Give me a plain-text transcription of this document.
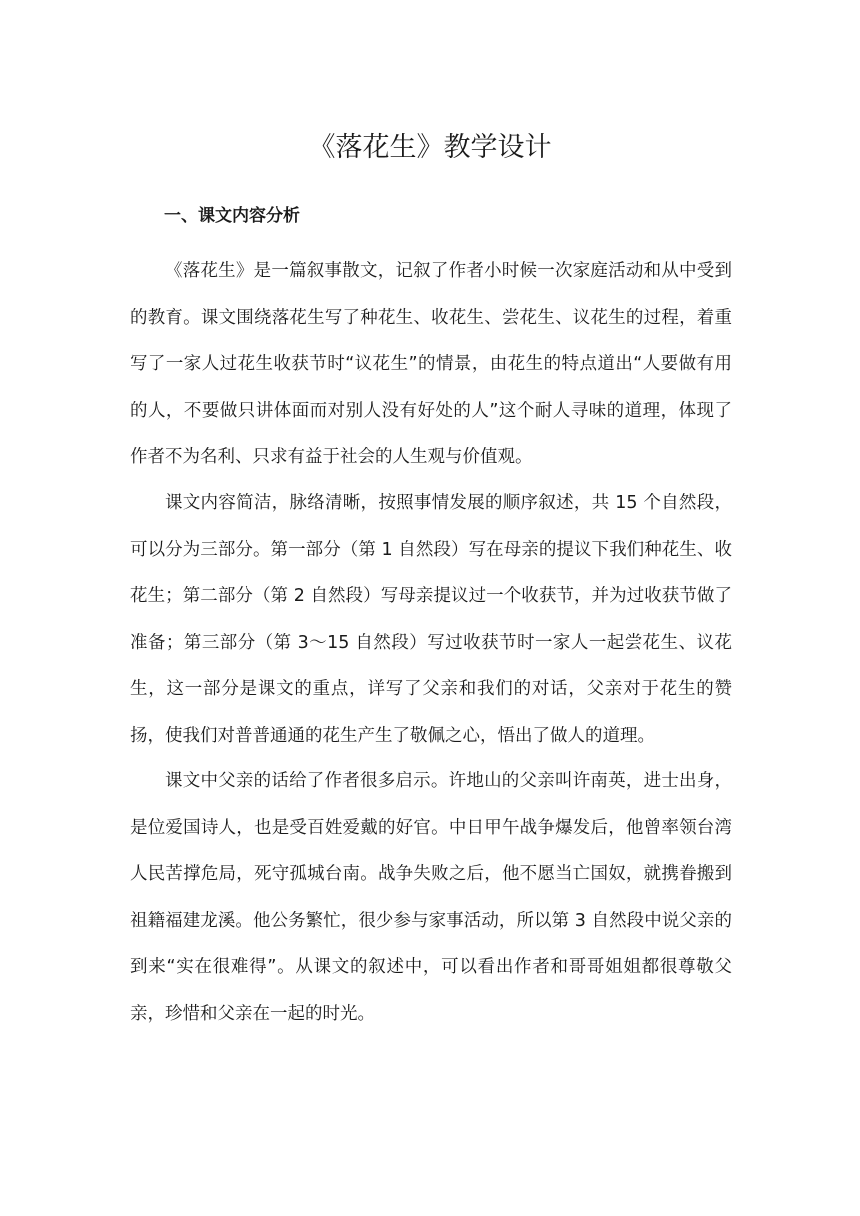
《落花生》教学设计
一、课文内容分析

《落花生》是一篇叙事散文，记叙了作者小时候一次家庭活动和从中受到的教育。课文围绕落花生写了种花生、收花生、尝花生、议花生的过程，着重写了一家人过花生收获节时“议花生”的情景，由花生的特点道出“人要做有用的人，不要做只讲体面而对别人没有好处的人”这个耐人寻味的道理，体现了作者不为名利、只求有益于社会的人生观与价值观。

课文内容简洁，脉络清晰，按照事情发展的顺序叙述，共 15 个自然段，可以分为三部分。第一部分（第 1 自然段）写在母亲的提议下我们种花生、收花生；第二部分（第 2 自然段）写母亲提议过一个收获节，并为过收获节做了准备；第三部分（第 3～15 自然段）写过收获节时一家人一起尝花生、议花生，这一部分是课文的重点，详写了父亲和我们的对话，父亲对于花生的赞扬，使我们对普普通通的花生产生了敬佩之心，悟出了做人的道理。

课文中父亲的话给了作者很多启示。许地山的父亲叫许南英，进士出身，是位爱国诗人，也是受百姓爱戴的好官。中日甲午战争爆发后，他曾率领台湾人民苦撑危局，死守孤城台南。战争失败之后，他不愿当亡国奴，就携眷搬到祖籍福建龙溪。他公务繁忙，很少参与家事活动，所以第 3 自然段中说父亲的到来“实在很难得”。从课文的叙述中，可以看出作者和哥哥姐姐都很尊敬父亲，珍惜和父亲在一起的时光。
